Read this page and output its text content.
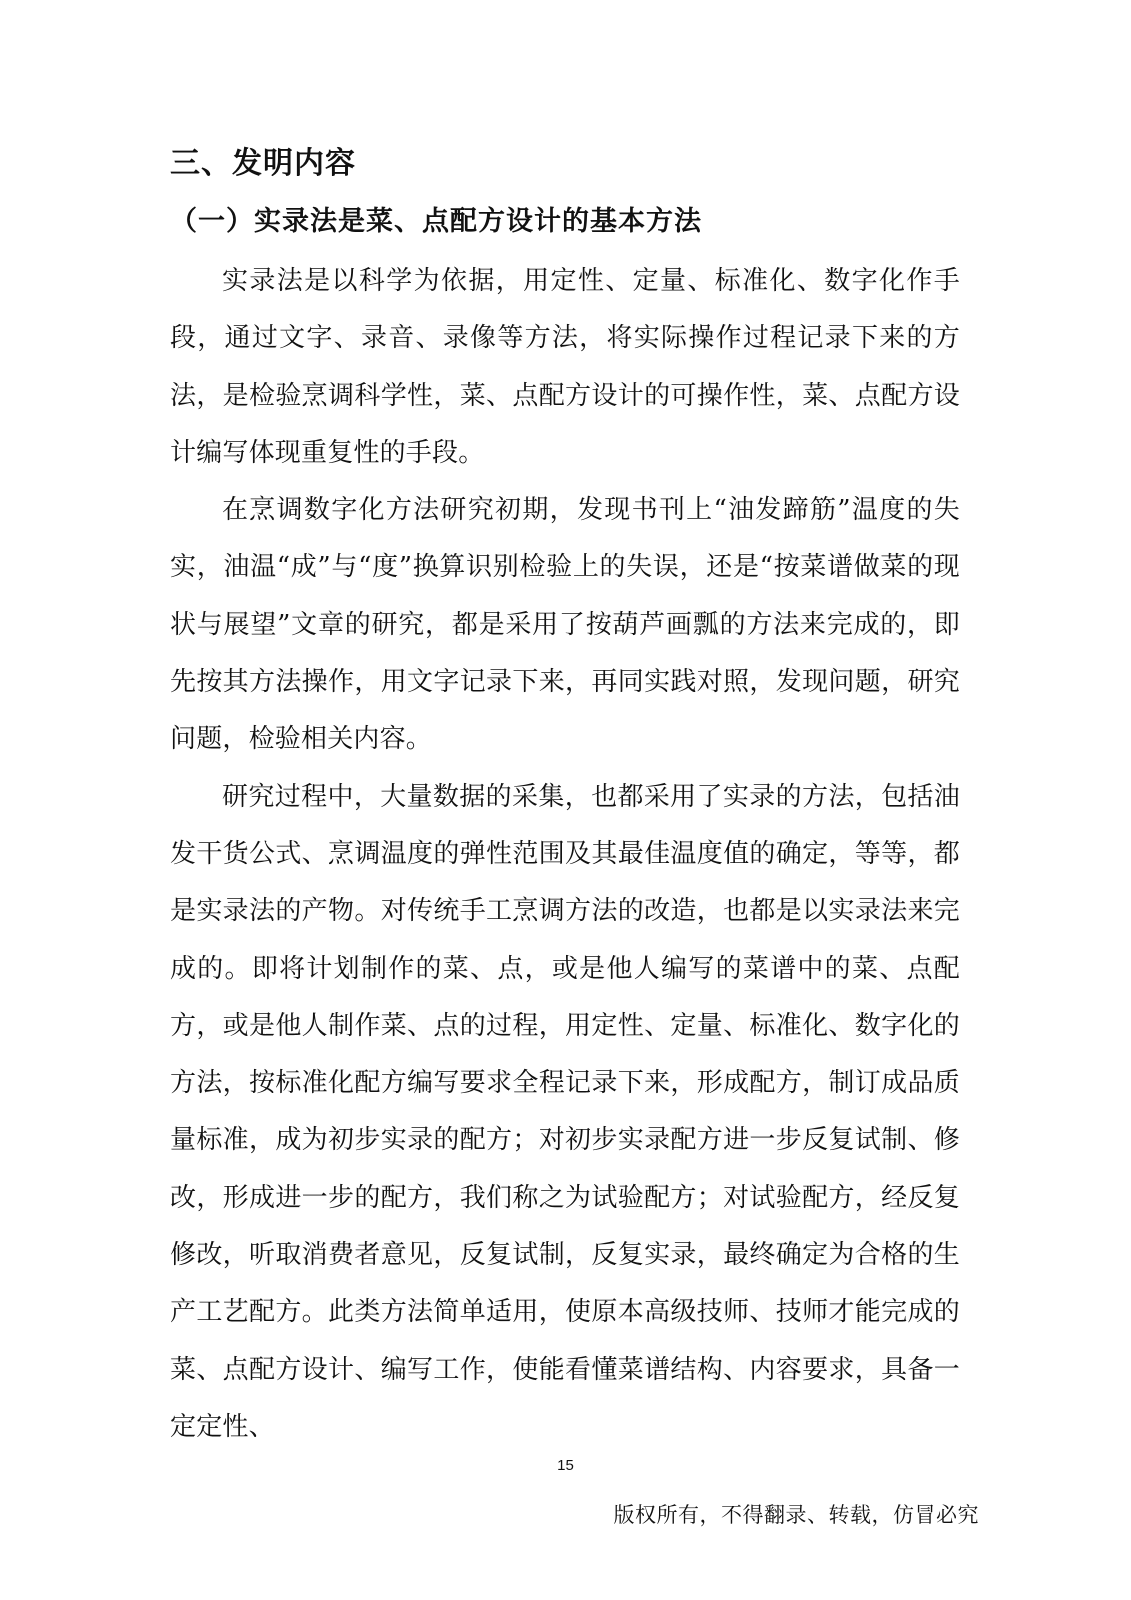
三、发明内容
（一）实录法是菜、点配方设计的基本方法

实录法是以科学为依据，用定性、定量、标准化、数字化作手段，通过文字、录音、录像等方法，将实际操作过程记录下来的方法，是检验烹调科学性，菜、点配方设计的可操作性，菜、点配方设计编写体现重复性的手段。

在烹调数字化方法研究初期，发现书刊上“油发蹄筋”温度的失实，油温“成”与“度”换算识别检验上的失误，还是“按菜谱做菜的现状与展望”文章的研究，都是采用了按葫芦画瓢的方法来完成的，即先按其方法操作，用文字记录下来，再同实践对照，发现问题，研究问题，检验相关内容。

研究过程中，大量数据的采集，也都采用了实录的方法，包括油发干货公式、烹调温度的弹性范围及其最佳温度值的确定，等等，都是实录法的产物。对传统手工烹调方法的改造，也都是以实录法来完成的。即将计划制作的菜、点，或是他人编写的菜谱中的菜、点配方，或是他人制作菜、点的过程，用定性、定量、标准化、数字化的方法，按标准化配方编写要求全程记录下来，形成配方，制订成品质量标准，成为初步实录的配方；对初步实录配方进一步反复试制、修改，形成进一步的配方，我们称之为试验配方；对试验配方，经反复修改，听取消费者意见，反复试制，反复实录，最终确定为合格的生产工艺配方。此类方法简单适用，使原本高级技师、技师才能完成的菜、点配方设计、编写工作，使能看懂菜谱结构、内容要求，具备一定定性、

15
版权所有，不得翻录、转载，仿冒必究
